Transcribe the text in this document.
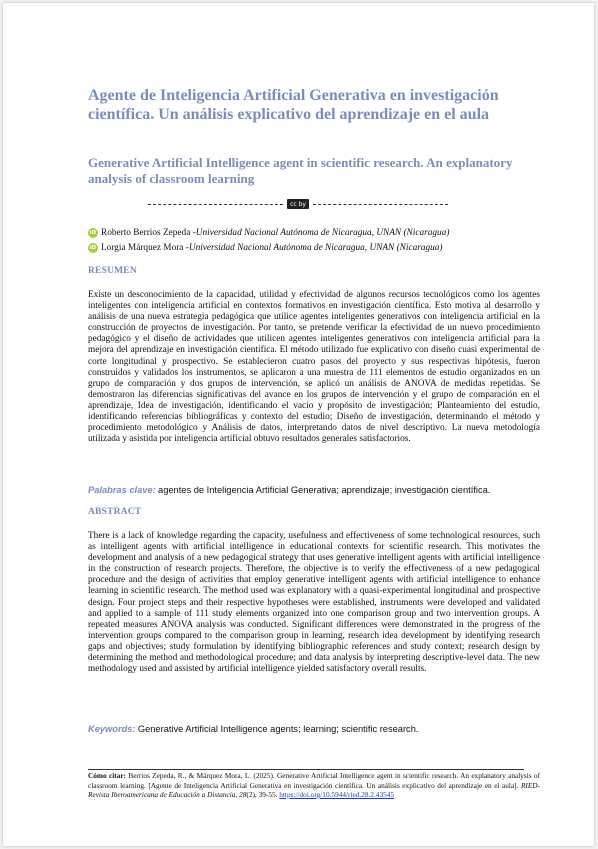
Agente de Inteligencia Artificial Generativa en investigación científica. Un análisis explicativo del aprendizaje en el aula
Generative Artificial Intelligence agent in scientific research. An explanatory analysis of classroom learning
cc by
iD Roberto Berrios Zepeda - Universidad Nacional Autónoma de Nicaragua, UNAN (Nicaragua)
iD Lorgia Márquez Mora - Universidad Nacional Autónoma de Nicaragua, UNAN (Nicaragua)
RESUMEN
Existe un desconocimiento de la capacidad, utilidad y efectividad de algunos recursos tecnológicos como los agentes inteligentes con inteligencia artificial en contextos formativos en investigación científica. Esto motiva al desarrollo y análisis de una nueva estrategia pedagógica que utilice agentes inteligentes generativos con inteligencia artificial en la construcción de proyectos de investigación. Por tanto, se pretende verificar la efectividad de un nuevo procedimiento pedagógico y el diseño de actividades que utilicen agentes inteligentes generativos con inteligencia artificial para la mejora del aprendizaje en investigación científica. El método utilizado fue explicativo con diseño cuasi experimental de corte longitudinal y prospectivo. Se establecieron cuatro pasos del proyecto y sus respectivas hipótesis, fueron construidos y validados los instrumentos, se aplicaron a una muestra de 111 elementos de estudio organizados en un grupo de comparación y dos grupos de intervención, se aplicó un análisis de ANOVA de medidas repetidas. Se demostraron las diferencias significativas del avance en los grupos de intervención y el grupo de comparación en el aprendizaje, Idea de investigación, identificando el vacío y propósito de investigación; Planteamiento del estudio, identificando referencias bibliográficas y contexto del estudio; Diseño de investigación, determinando el método y procedimiento metodológico y Análisis de datos, interpretando datos de nivel descriptivo. La nueva metodología utilizada y asistida por inteligencia artificial obtuvo resultados generales satisfactorios.
Palabras clave: agentes de Inteligencia Artificial Generativa; aprendizaje; investigación científica.
ABSTRACT
There is a lack of knowledge regarding the capacity, usefulness and effectiveness of some technological resources, such as intelligent agents with artificial intelligence in educational contexts for scientific research. This motivates the development and analysis of a new pedagogical strategy that uses generative intelligent agents with artificial intelligence in the construction of research projects. Therefore, the objective is to verify the effectiveness of a new pedagogical procedure and the design of activities that employ generative intelligent agents with artificial intelligence to enhance learning in scientific research. The method used was explanatory with a quasi-experimental longitudinal and prospective design. Four project steps and their respective hypotheses were established, instruments were developed and validated and applied to a sample of 111 study elements organized into one comparison group and two intervention groups. A repeated measures ANOVA analysis was conducted. Significant differences were demonstrated in the progress of the intervention groups compared to the comparison group in learning, research idea development by identifying research gaps and objectives; study formulation by identifying bibliographic references and study context; research design by determining the method and methodological procedure; and data analysis by interpreting descriptive-level data. The new methodology used and assisted by artificial intelligence yielded satisfactory overall results.
Keywords: Generative Artificial Intelligence agents; learning; scientific research.
Cómo citar: Berrios Zepeda, R., & Márquez Mora, L. (2025). Generative Artificial Intelligence agent in scientific research. An explanatory analysis of classroom learning. [Agente de Inteligencia Artificial Generativa en investigación científica. Un análisis explicativo del aprendizaje en el aula]. RIED-Revista Iberoamericana de Educación a Distancia, 28(2), 39-55. https://doi.org/10.5944/ried.28.2.43545
